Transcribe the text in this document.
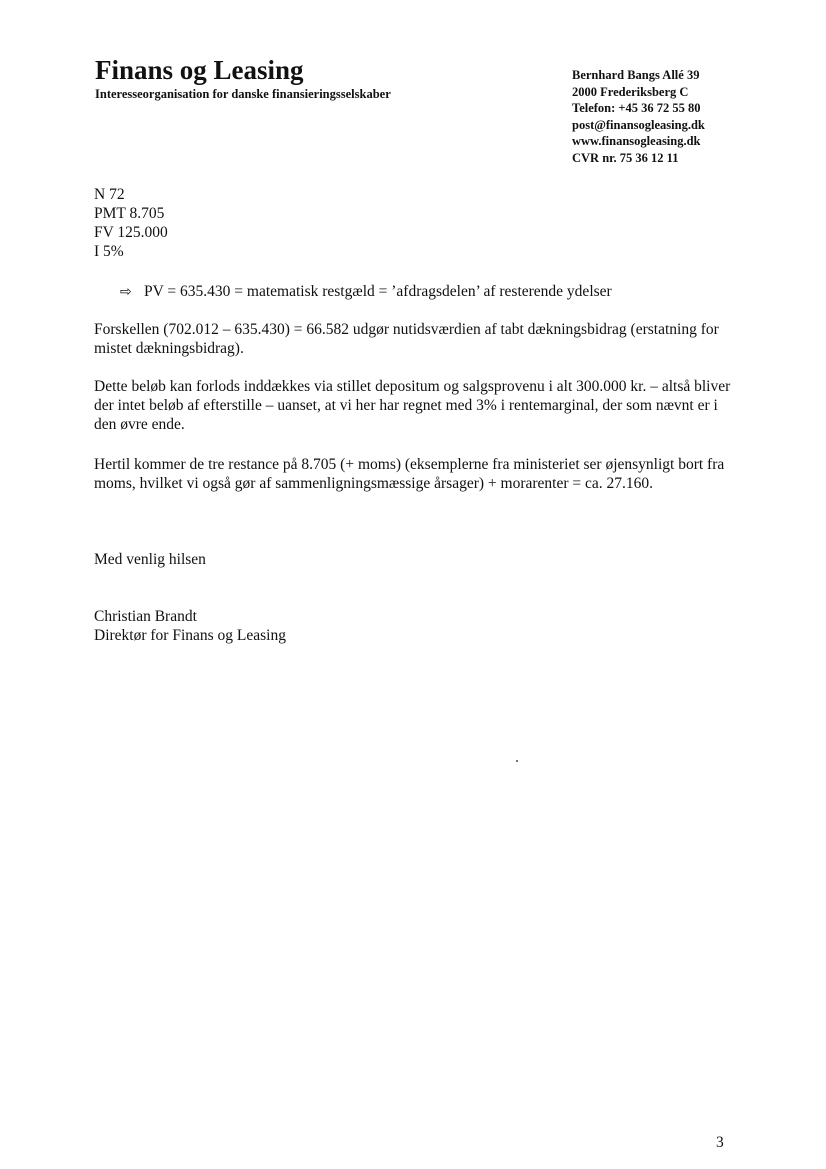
Finans og Leasing
Interesseorganisation for danske finansieringsselskaber
Bernhard Bangs Allé 39
2000 Frederiksberg C
Telefon: +45 36 72 55 80
post@finansogleasing.dk
www.finansogleasing.dk
CVR nr. 75 36 12 11
N 72
PMT 8.705
FV 125.000
I 5%
⇨ PV = 635.430 = matematisk restgæld = ’afdragsdelen’ af resterende ydelser
Forskellen (702.012 – 635.430) = 66.582 udgør nutidsværdien af tabt dækningsbidrag (erstatning for mistet dækningsbidrag).
Dette beløb kan forlods inddækkes via stillet depositum og salgsprovenu i alt 300.000 kr. – altså bliver der intet beløb af efterstille – uanset, at vi her har regnet med 3% i rentemarginal, der som nævnt er i den øvre ende.
Hertil kommer de tre restance på 8.705 (+ moms) (eksemplerne fra ministeriet ser øjensynligt bort fra moms, hvilket vi også gør af sammenligningsmæssige årsager) + morarenter = ca. 27.160.
Med venlig hilsen
Christian Brandt
Direktør for Finans og Leasing
3
